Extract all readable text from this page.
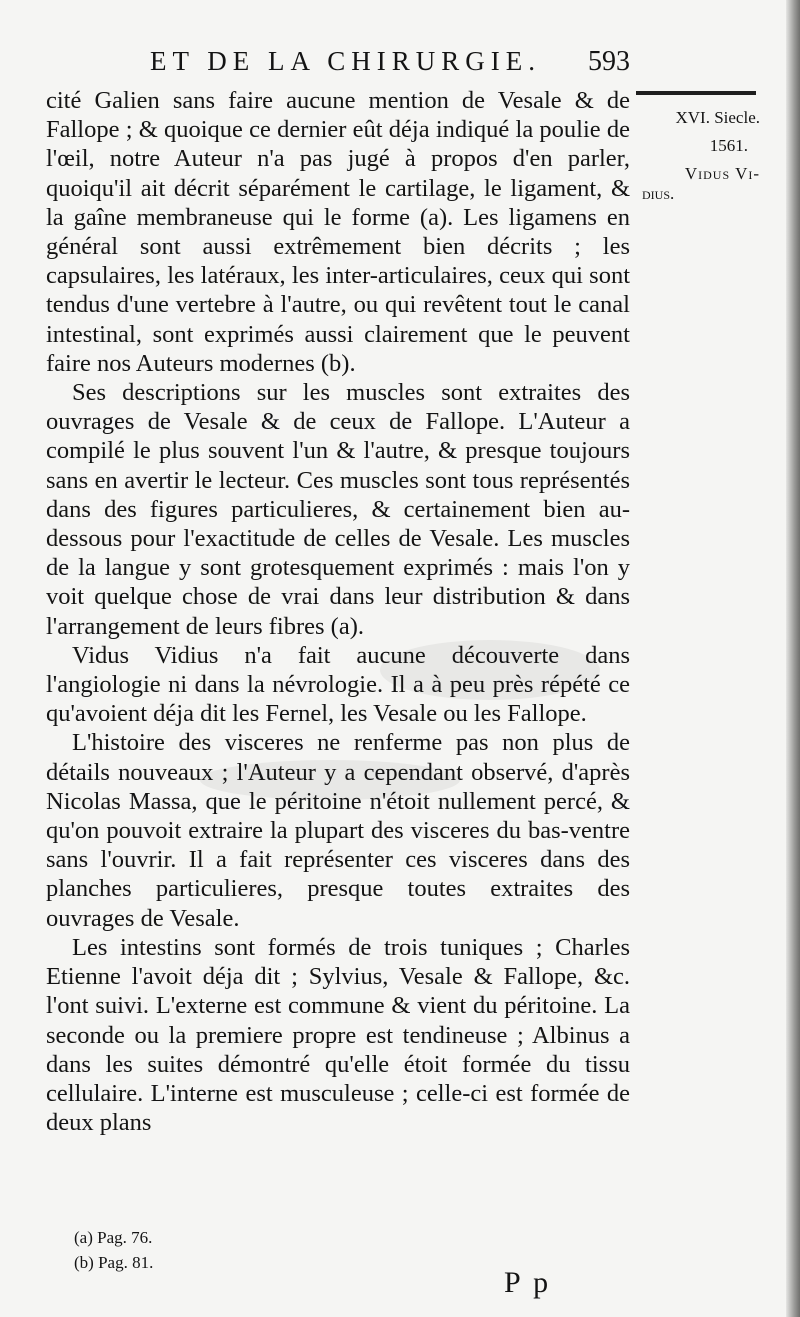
ET DE LA CHIRURGIE. 593
XVI. Siecle.
1561.
Vidus Vi-
dius.

cité Galien sans faire aucune mention de Vesale & de Fallope ; & quoique ce dernier eût déja indiqué la poulie de l'œil, notre Auteur n'a pas jugé à propos d'en parler, quoiqu'il ait décrit séparément le cartilage, le ligament, & la gaîne membraneuse qui le forme (a). Les ligamens en général sont aussi extrêmement bien décrits ; les capsulaires, les latéraux, les inter-articulaires, ceux qui sont tendus d'une vertebre à l'autre, ou qui revêtent tout le canal intestinal, sont exprimés aussi clairement que le peuvent faire nos Auteurs modernes (b).

Ses descriptions sur les muscles sont extraites des ouvrages de Vesale & de ceux de Fallope. L'Auteur a compilé le plus souvent l'un & l'autre, & presque toujours sans en avertir le lecteur. Ces muscles sont tous représentés dans des figures particulieres, & certainement bien au-dessous pour l'exactitude de celles de Vesale. Les muscles de la langue y sont grotesquement exprimés : mais l'on y voit quelque chose de vrai dans leur distribution & dans l'arrangement de leurs fibres (a).

Vidus Vidius n'a fait aucune découverte dans l'angiologie ni dans la névrologie. Il a à peu près répété ce qu'avoient déja dit les Fernel, les Vesale ou les Fallope.

L'histoire des visceres ne renferme pas non plus de détails nouveaux ; l'Auteur y a cependant observé, d'après Nicolas Massa, que le péritoine n'étoit nullement percé, & qu'on pouvoit extraire la plupart des visceres du bas-ventre sans l'ouvrir. Il a fait représenter ces visceres dans des planches particulieres, presque toutes extraites des ouvrages de Vesale.

Les intestins sont formés de trois tuniques ; Charles Etienne l'avoit déja dit ; Sylvius, Vesale & Fallope, &c. l'ont suivi. L'externe est commune & vient du péritoine. La seconde ou la premiere propre est tendineuse ; Albinus a dans les suites démontré qu'elle étoit formée du tissu cellulaire. L'interne est musculeuse ; celle-ci est formée de deux plans

(a) Pag. 76.
(b) Pag. 81.
P p
